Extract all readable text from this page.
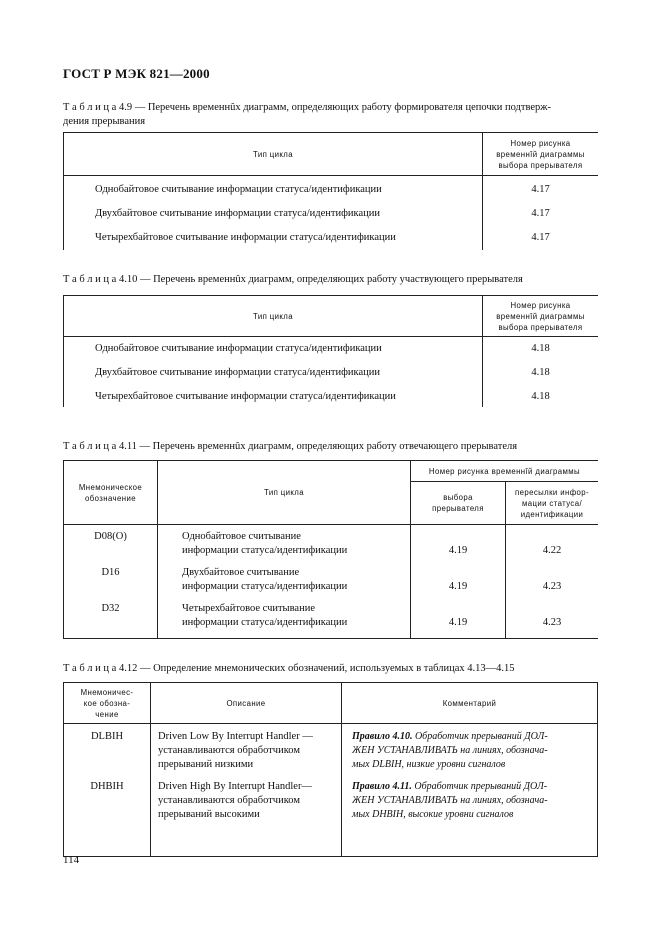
ГОСТ Р МЭК 821—2000
Т а б л и ц а 4.9 — Перечень временнûх диаграмм, определяющих работу формирователя цепочки подтверж-
дения прерывания
Тип цикла	Номер рисунка
временнîй диаграммы
выбора прерывателя

Однобайтовое считывание информации статуса/идентификации	4.17
Двухбайтовое считывание информации статуса/идентификации	4.17
Четырехбайтовое считывание информации статуса/идентификации	4.17
Т а б л и ц а 4.10 — Перечень временнûх диаграмм, определяющих работу участвующего прерывателя
Тип цикла	Номер рисунка
временнîй диаграммы
выбора прерывателя

Однобайтовое считывание информации статуса/идентификации	4.18
Двухбайтовое считывание информации статуса/идентификации	4.18
Четырехбайтовое считывание информации статуса/идентификации	4.18
Т а б л и ц а 4.11 — Перечень временнûх диаграмм, определяющих работу отвечающего прерывателя
Мнемоническое
обозначение	Тип цикла	Номер рисунка временнîй диаграммы	

		выбора
прерывателя	пересылки инфор-
мации статуса/
идентификации

D08(O)	Однобайтовое считывание
информации статуса/идентификации	4.19	4.22
D16	Двухбайтовое считывание
информации статуса/идентификации	4.19	4.23
D32	Четырехбайтовое считывание
информации статуса/идентификации	4.19	4.23
Т а б л и ц а 4.12 — Определение мнемонических обозначений, используемых в таблицах 4.13—4.15
Мнемоничес-
кое обозна-
чение	Описание	Комментарий

DLBIH	Driven Low By Interrupt Handler —
устанавливаются обработчиком
прерываний низкими	Правило 4.10. Обработчик прерываний ДОЛ-
ЖЕН УСТАНАВЛИВАТЬ на линиях, обознача-
мых DLBIH, низкие уровни сигналов
DHBIH	Driven High By Interrupt Handler—
устанавливаются обработчиком
прерываний высокими	Правило 4.11. Обработчик прерываний ДОЛ-
ЖЕН УСТАНАВЛИВАТЬ на линиях, обознача-
мых DHBIH, высокие уровни сигналов
114
